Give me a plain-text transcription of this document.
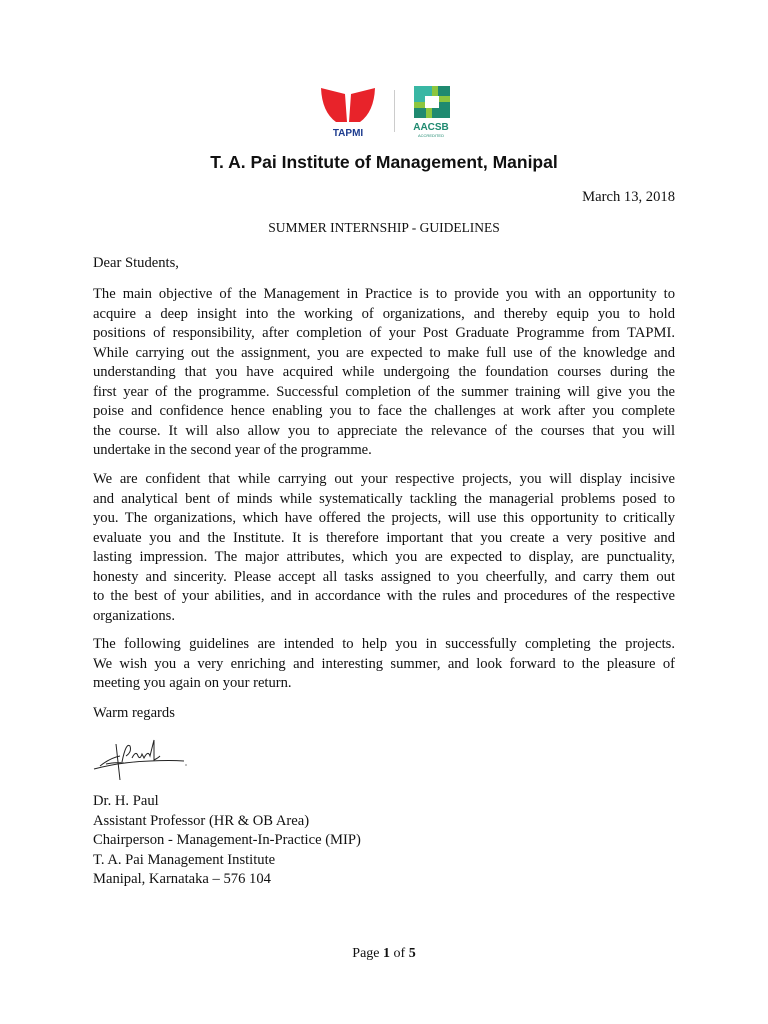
TAPMI
AACSB
ACCREDITED
T. A. Pai Institute of Management, Manipal
March 13, 2018
SUMMER INTERNSHIP - GUIDELINES
Dear Students,
The main objective of the Management in Practice is to provide you with an opportunity to
acquire a deep insight into the working of organizations, and thereby equip you to hold
positions of responsibility, after completion of your Post Graduate Programme from TAPMI.
While carrying out the assignment, you are expected to make full use of the knowledge and
understanding that you have acquired while undergoing the foundation courses during the
first year of the programme. Successful completion of the summer training will give you the
poise and confidence hence enabling you to face the challenges at work after you complete
the course. It will also allow you to appreciate the relevance of the courses that you will
undertake in the second year of the programme.
We are confident that while carrying out your respective projects, you will display incisive
and analytical bent of minds while systematically tackling the managerial problems posed to
you. The organizations, which have offered the projects, will use this opportunity to critically
evaluate you and the Institute. It is therefore important that you create a very positive and
lasting impression. The major attributes, which you are expected to display, are punctuality,
honesty and sincerity. Please accept all tasks assigned to you cheerfully, and carry them out
to the best of your abilities, and in accordance with the rules and procedures of the respective
organizations.
The following guidelines are intended to help you in successfully completing the projects.
We wish you a very enriching and interesting summer, and look forward to the pleasure of
meeting you again on your return.
Warm regards
Dr. H. Paul
Assistant Professor (HR & OB Area)
Chairperson - Management-In-Practice (MIP)
T. A. Pai Management Institute
Manipal, Karnataka – 576 104
Page 1 of 5
